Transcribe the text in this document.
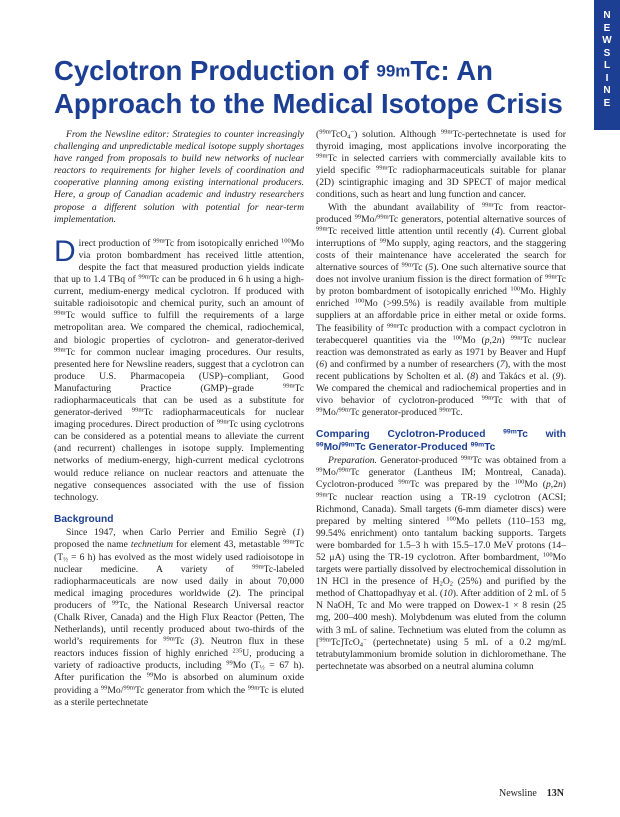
N
E
W
S
L
I
N
E
Cyclotron Production of $^{99m}$Tc: An Approach to the Medical Isotope Crisis

From the Newsline editor: Strategies to counter increasingly challenging and unpredictable medical isotope supply shortages have ranged from proposals to build new networks of nuclear reactors to requirements for higher levels of coordination and cooperative planning among existing international producers. Here, a group of Canadian academic and industry researchers propose a different solution with potential for near-term implementation.

Direct production of $^{99m}$Tc from isotopically enriched $^{100}$Mo via proton bombardment has received little attention, despite the fact that measured production yields indicate that up to 1.4 TBq of $^{99m}$Tc can be produced in 6 h using a high-current, medium-energy medical cyclotron. If produced with suitable radioisotopic and chemical purity, such an amount of $^{99m}$Tc would suffice to fulfill the requirements of a large metropolitan area. We compared the chemical, radiochemical, and biologic properties of cyclotron- and generator-derived $^{99m}$Tc for common nuclear imaging procedures. Our results, presented here for Newsline readers, suggest that a cyclotron can produce U.S. Pharmacopeia (USP)–compliant, Good Manufacturing Practice (GMP)–grade $^{99m}$Tc radiopharmaceuticals that can be used as a substitute for generator-derived $^{99m}$Tc radiopharmaceuticals for nuclear imaging procedures. Direct production of $^{99m}$Tc using cyclotrons can be considered as a potential means to alleviate the current (and recurrent) challenges in isotope supply. Implementing networks of medium-energy, high-current medical cyclotrons would reduce reliance on nuclear reactors and attenuate the negative consequences associated with the use of fission technology.

Background

Since 1947, when Carlo Perrier and Emilio Segrè (1) proposed the name technetium for element 43, metastable $^{99m}$Tc ($T_{\frac{1}{2}} = 6$ h) has evolved as the most widely used radioisotope in nuclear medicine. A variety of $^{99m}$Tc-labeled radiopharmaceuticals are now used daily in about 70,000 medical imaging procedures worldwide (2). The principal producers of $^{99}$Tc, the National Research Universal reactor (Chalk River, Canada) and the High Flux Reactor (Petten, The Netherlands), until recently produced about two-thirds of the world’s requirements for $^{99m}$Tc (3). Neutron flux in these reactors induces fission of highly enriched $^{235}$U, producing a variety of radioactive products, including $^{99}$Mo ($T_{\frac{1}{2}} = 67$ h). After purification the $^{99}$Mo is absorbed on aluminum oxide providing a $^{99}$Mo/$^{99m}$Tc generator from which the $^{99m}$Tc is eluted as a sterile pertechnetate

($^{99m}$TcO$_4$−) solution. Although $^{99m}$Tc-pertechnetate is used for thyroid imaging, most applications involve incorporating the $^{99m}$Tc in selected carriers with commercially available kits to yield specific $^{99m}$Tc radiopharmaceuticals suitable for planar (2D) scintigraphic imaging and 3D SPECT of major medical conditions, such as heart and lung function and cancer.

With the abundant availability of $^{99m}$Tc from reactor-produced $^{99}$Mo/$^{99m}$Tc generators, potential alternative sources of $^{99m}$Tc received little attention until recently (4). Current global interruptions of $^{99}$Mo supply, aging reactors, and the staggering costs of their maintenance have accelerated the search for alternative sources of $^{99m}$Tc (5). One such alternative source that does not involve uranium fission is the direct formation of $^{99m}$Tc by proton bombardment of isotopically enriched $^{100}$Mo. Highly enriched $^{100}$Mo (>99.5%) is readily available from multiple suppliers at an affordable price in either metal or oxide forms. The feasibility of $^{99m}$Tc production with a compact cyclotron in terabecquerel quantities via the $^{100}$Mo (p,2n) $^{99m}$Tc nuclear reaction was demonstrated as early as 1971 by Beaver and Hupf (6) and confirmed by a number of researchers (7), with the most recent publications by Scholten et al. (8) and Takács et al. (9). We compared the chemical and radiochemical properties and in vivo behavior of cyclotron-produced $^{99m}$Tc with that of $^{99}$Mo/$^{99m}$Tc generator-produced $^{99m}$Tc.

Comparing Cyclotron-Produced $^{99m}$Tc with $^{99}$Mo/$^{99m}$Tc Generator-Produced $^{99m}$Tc

Preparation. Generator-produced $^{99m}$Tc was obtained from a $^{99}$Mo/$^{99m}$Tc generator (Lantheus IM; Montreal, Canada). Cyclotron-produced $^{99m}$Tc was prepared by the $^{100}$Mo (p,2n) $^{99m}$Tc nuclear reaction using a TR-19 cyclotron (ACSI; Richmond, Canada). Small targets (6-mm diameter discs) were prepared by melting sintered $^{100}$Mo pellets (110–153 mg, 99.54% enrichment) onto tantalum backing supports. Targets were bombarded for 1.5–3 h with 15.5–17.0 MeV protons (14–52 μA) using the TR-19 cyclotron. After bombardment, $^{100}$Mo targets were partially dissolved by electrochemical dissolution in 1N HCl in the presence of $H_2O_2$ (25%) and purified by the method of Chattopadhyay et al. (10). After addition of 2 mL of 5 N NaOH, Tc and Mo were trapped on Dowex-1 × 8 resin (25 mg, 200–400 mesh). Molybdenum was eluted from the column with 3 mL of saline. Technetium was eluted from the column as [$^{99m}$Tc]TcO$_4$− (pertechnetate) using 5 mL of a 0.2 mg/mL tetrabutylammonium bromide solution in dichloromethane. The pertechnetate was absorbed on a neutral alumina column

Newsline 13N
